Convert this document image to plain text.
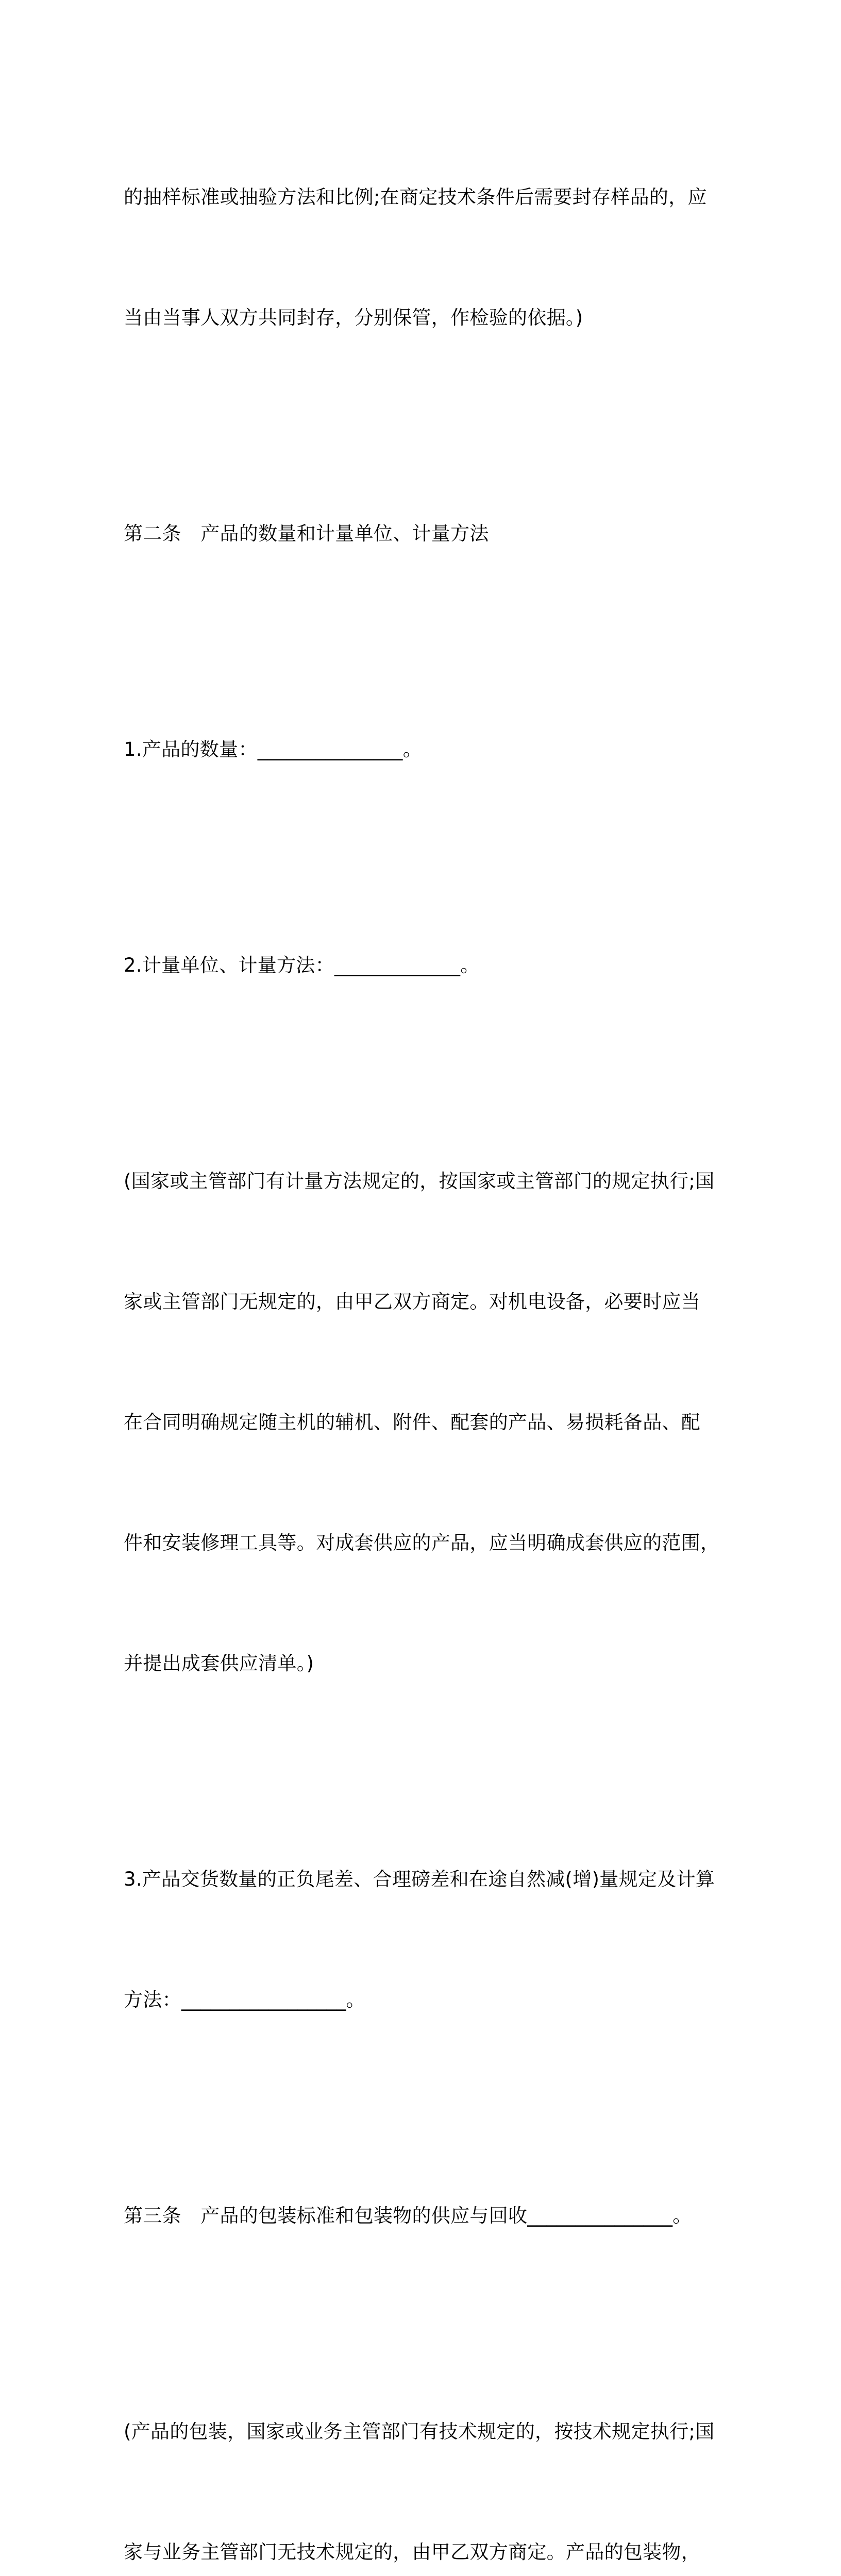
的抽样标准或抽验方法和比例;在商定技术条件后需要封存样品的，应

当由当事人双方共同封存，分别保管，作检验的依据。)

第二条　产品的数量和计量单位、计量方法

1.产品的数量：_______________。

2.计量单位、计量方法：_____________。

(国家或主管部门有计量方法规定的，按国家或主管部门的规定执行;国

家或主管部门无规定的，由甲乙双方商定。对机电设备，必要时应当

在合同明确规定随主机的辅机、附件、配套的产品、易损耗备品、配

件和安装修理工具等。对成套供应的产品，应当明确成套供应的范围，

并提出成套供应清单。)

3.产品交货数量的正负尾差、合理磅差和在途自然减(增)量规定及计算

方法：_________________。

第三条　产品的包装标准和包装物的供应与回收_______________。

(产品的包装，国家或业务主管部门有技术规定的，按技术规定执行;国

家与业务主管部门无技术规定的，由甲乙双方商定。产品的包装物，
